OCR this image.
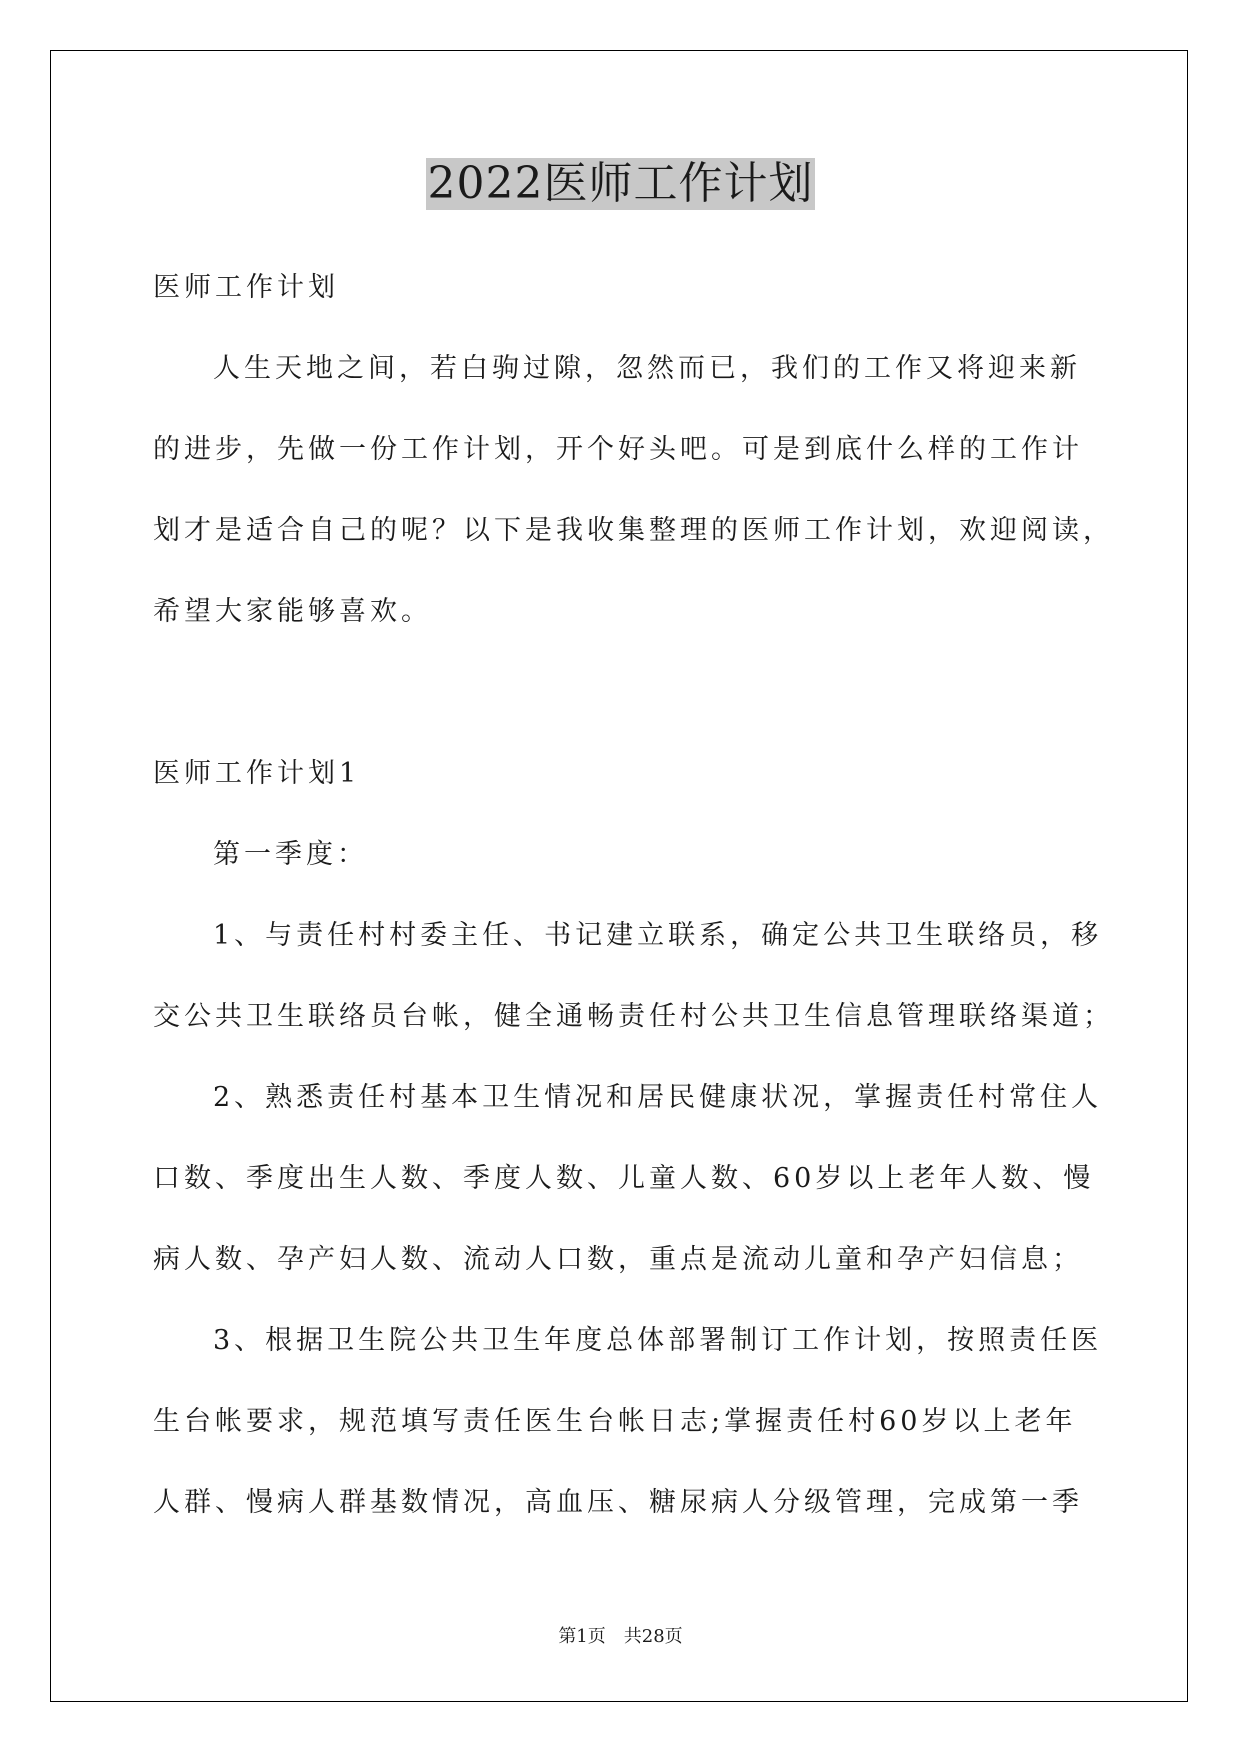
2022医师工作计划
医师工作计划
人生天地之间，若白驹过隙，忽然而已，我们的工作又将迎来新
的进步，先做一份工作计划，开个好头吧。可是到底什么样的工作计
划才是适合自己的呢？以下是我收集整理的医师工作计划，欢迎阅读，
希望大家能够喜欢。
医师工作计划1
第一季度：
1、与责任村村委主任、书记建立联系，确定公共卫生联络员，移
交公共卫生联络员台帐，健全通畅责任村公共卫生信息管理联络渠道；
2、熟悉责任村基本卫生情况和居民健康状况，掌握责任村常住人
口数、季度出生人数、季度人数、儿童人数、60岁以上老年人数、慢
病人数、孕产妇人数、流动人口数，重点是流动儿童和孕产妇信息；
3、根据卫生院公共卫生年度总体部署制订工作计划，按照责任医
生台帐要求，规范填写责任医生台帐日志;掌握责任村60岁以上老年
人群、慢病人群基数情况，高血压、糖尿病人分级管理，完成第一季
第1页 共28页
